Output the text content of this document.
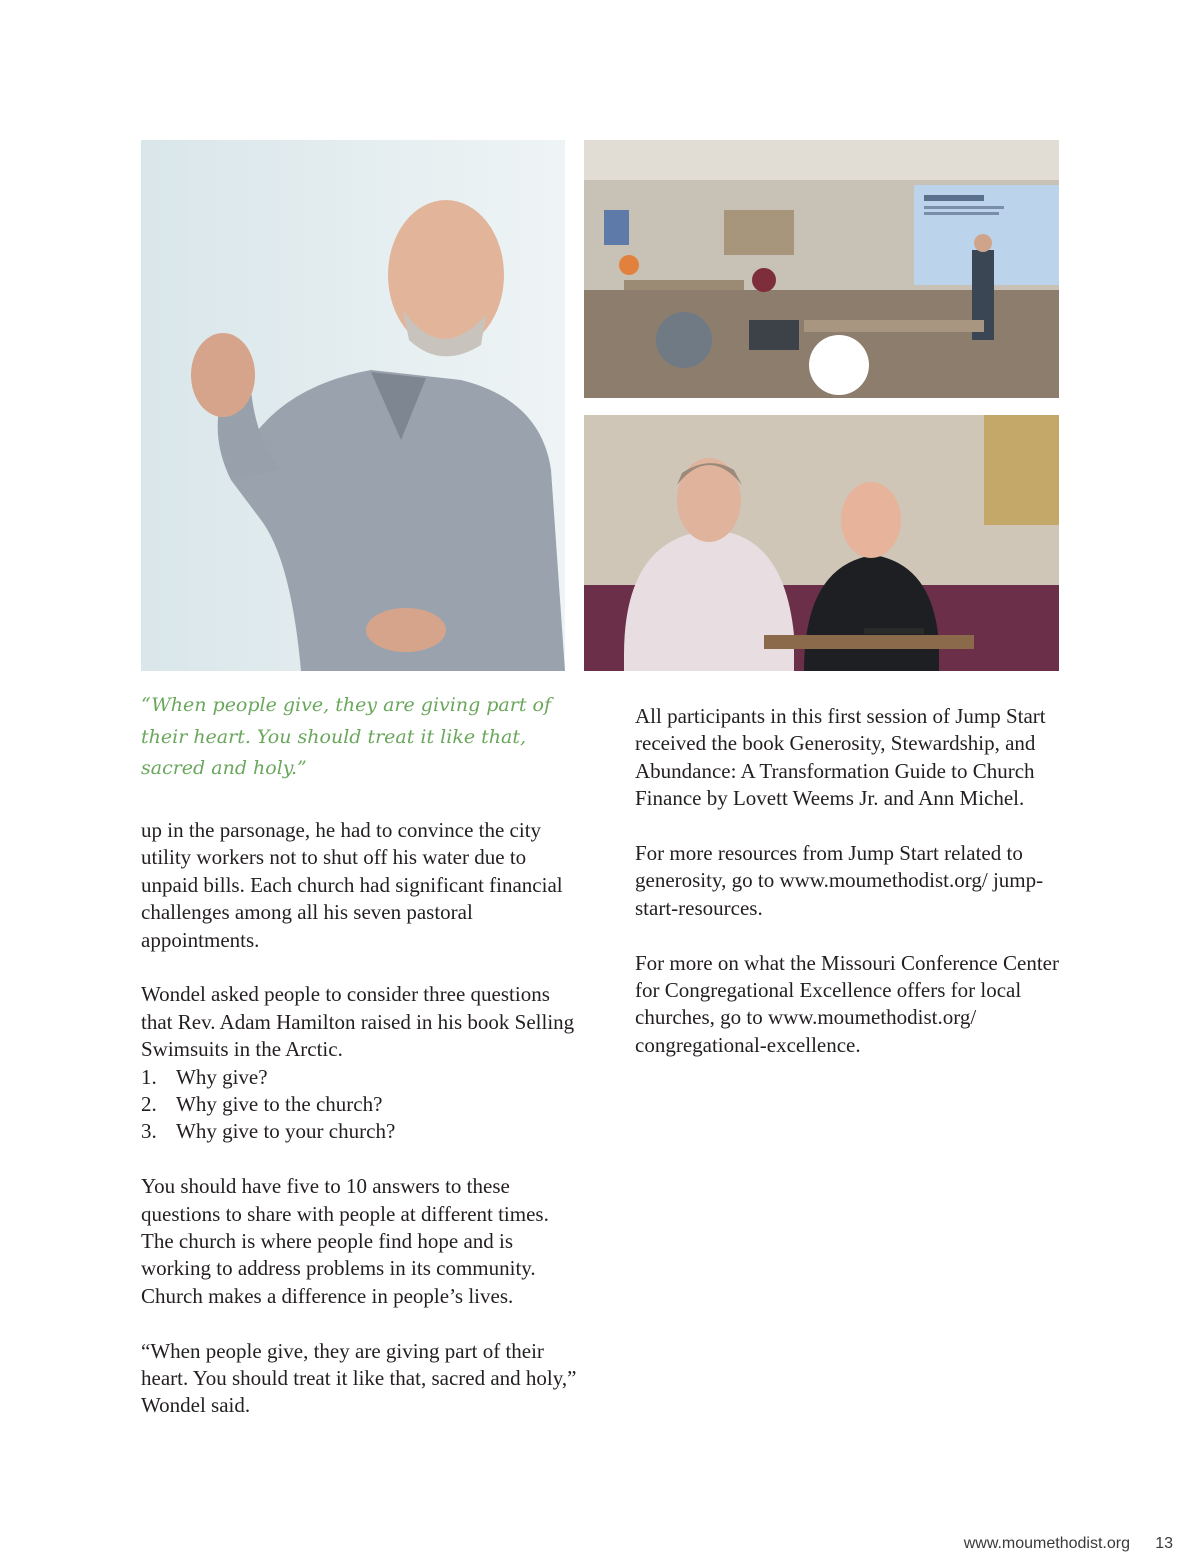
“When people give, they are giving part of their heart. You should treat it like that, sacred and holy.”

up in the parsonage, he had to convince the city utility workers not to shut off his water due to unpaid bills. Each church had significant financial challenges among all his seven pastoral appointments.

Wondel asked people to consider three questions that Rev. Adam Hamilton raised in his book Selling Swimsuits in the Arctic.

1. Why give?
2. Why give to the church?
3. Why give to your church?

You should have five to 10 answers to these questions to share with people at different times. The church is where people find hope and is working to address problems in its community. Church makes a difference in people’s lives.

“When people give, they are giving part of their heart. You should treat it like that, sacred and holy,” Wondel said.

All participants in this first session of Jump Start received the book Generosity, Stewardship, and Abundance: A Transformation Guide to Church Finance by Lovett Weems Jr. and Ann Michel.

For more resources from Jump Start related to generosity, go to www.moumethodist.org/ jump-start-resources.

For more on what the Missouri Conference Center for Congregational Excellence offers for local churches, go to www.moumethodist.org/ congregational-excellence.

www.moumethodist.org 13
